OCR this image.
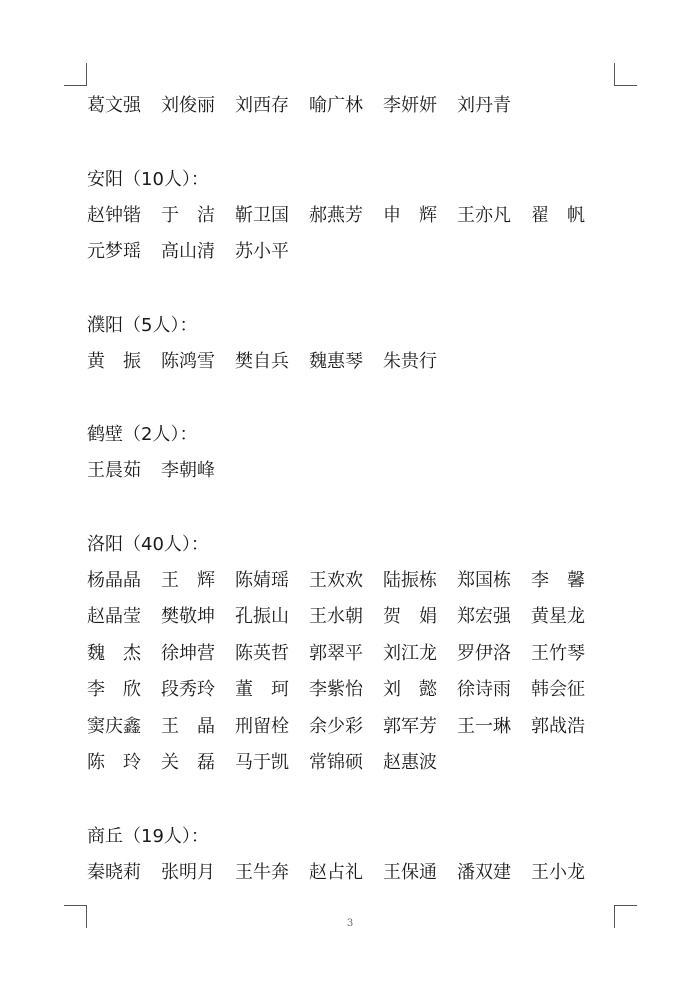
葛文强 刘俊丽 刘西存 喻广林 李妍妍 刘丹青
安阳（10人）：
赵钟锴 于 洁 靳卫国 郝燕芳 申 辉 王亦凡 翟 帆
元梦瑶 高山清 苏小平
濮阳（5人）：
黄 振 陈鸿雪 樊自兵 魏惠琴 朱贵行
鹤壁（2人）：
王晨茹 李朝峰
洛阳（40人）：
杨晶晶 王 辉 陈婧瑶 王欢欢 陆振栋 郑国栋 李 馨
赵晶莹 樊敬坤 孔振山 王水朝 贺 娟 郑宏强 黄星龙
魏 杰 徐坤营 陈英哲 郭翠平 刘江龙 罗伊洛 王竹琴
李 欣 段秀玲 董 珂 李紫怡 刘 懿 徐诗雨 韩会征
窦庆鑫 王 晶 刑留栓 余少彩 郭军芳 王一琳 郭战浩
陈 玲 关 磊 马于凯 常锦硕 赵惠波
商丘（19人）：
秦晓莉 张明月 王牛奔 赵占礼 王保通 潘双建 王小龙
3
